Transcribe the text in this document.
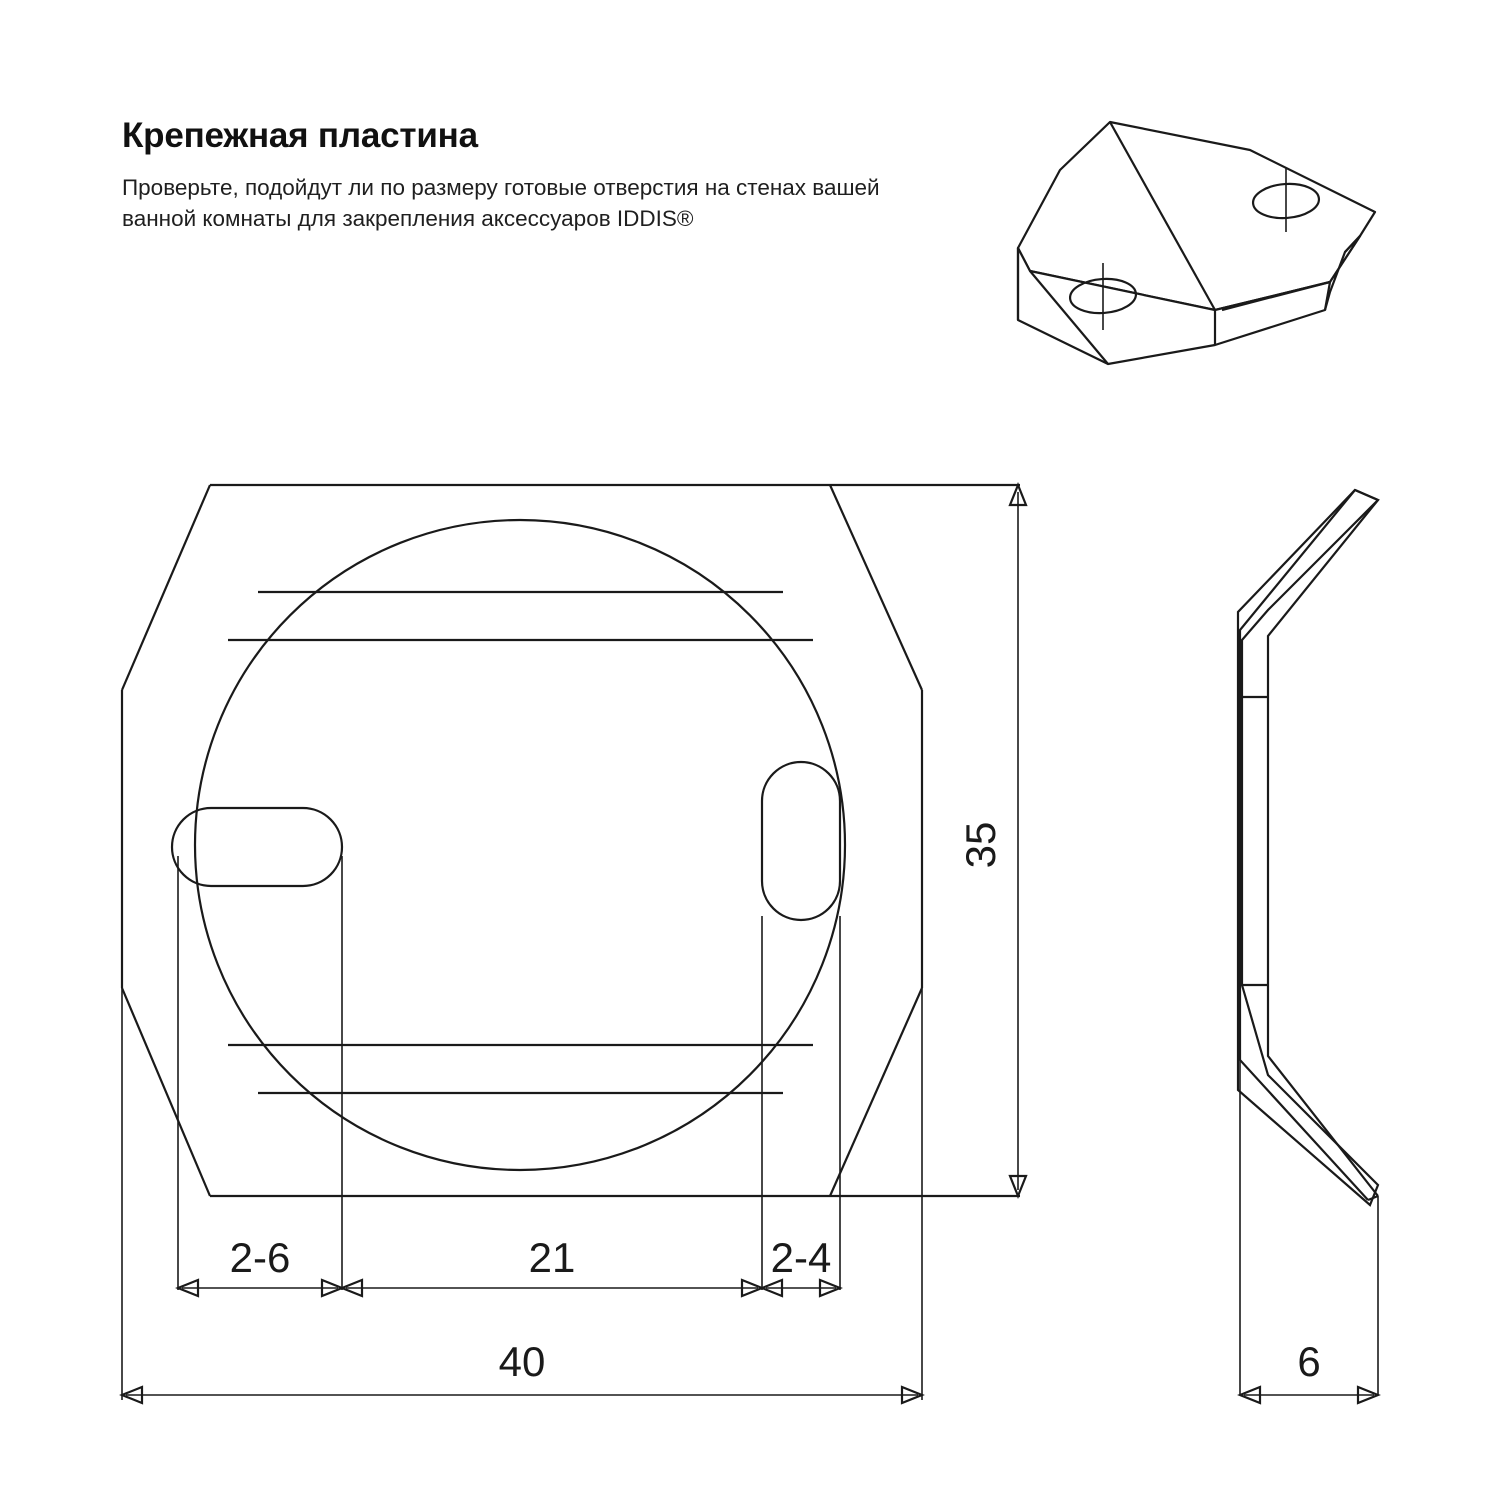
Крепежная пластина

Проверьте, подойдут ли по размеру готовые отверстия на стенах вашей ванной комнаты для закрепления аксессуаров IDDIS®

35
2-6	21	2-4
40	6
